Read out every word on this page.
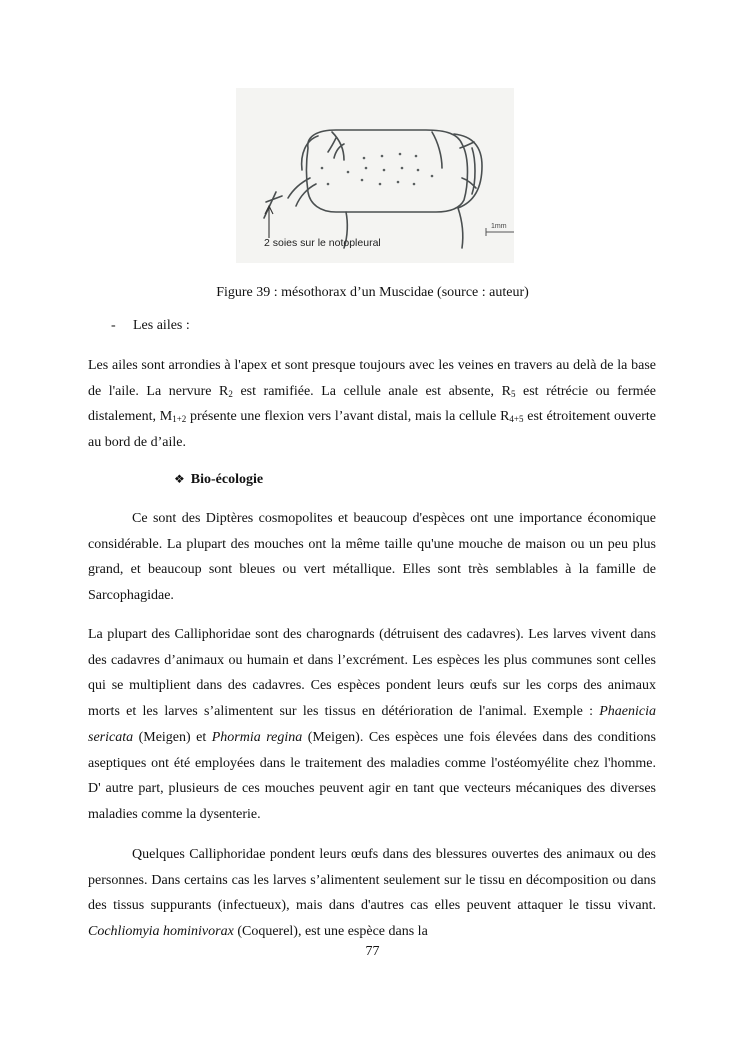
1mm
2 soies sur le notopleural
Figure 39 : mésothorax d’un Muscidae (source : auteur)
- Les ailes :

Les ailes sont arrondies à l'apex et sont presque toujours avec les veines en travers au delà de la base de l'aile. La nervure $R_2$ est ramifiée. La cellule anale est absente, $R_5$ est rétrécie ou fermée distalement, $M_{1+2}$ présente une flexion vers l’avant distal, mais la cellule $R_{4+5}$ est étroitement ouverte au bord de d’aile.

❖ Bio-écologie

Ce sont des Diptères cosmopolites et beaucoup d'espèces ont une importance économique considérable. La plupart des mouches ont la même taille qu'une mouche de maison ou un peu plus grand, et beaucoup sont bleues ou vert métallique. Elles sont très semblables à la famille de Sarcophagidae.

La plupart des Calliphoridae sont des charognards (détruisent des cadavres). Les larves vivent dans des cadavres d’animaux ou humain et dans l’excrément. Les espèces les plus communes sont celles qui se multiplient dans des cadavres. Ces espèces pondent leurs œufs sur les corps des animaux morts et les larves s’alimentent sur les tissus en détérioration de l'animal. Exemple : Phaenicia sericata (Meigen) et Phormia regina (Meigen). Ces espèces une fois élevées dans des conditions aseptiques ont été employées dans le traitement des maladies comme l'ostéomyélite chez l'homme. D' autre part, plusieurs de ces mouches peuvent agir en tant que vecteurs mécaniques des diverses maladies comme la dysenterie.

Quelques Calliphoridae pondent leurs œufs dans des blessures ouvertes des animaux ou des personnes. Dans certains cas les larves s’alimentent seulement sur le tissu en décomposition ou dans des tissus suppurants (infectueux), mais dans d'autres cas elles peuvent attaquer le tissu vivant. Cochliomyia hominivorax (Coquerel), est une espèce dans la

77
